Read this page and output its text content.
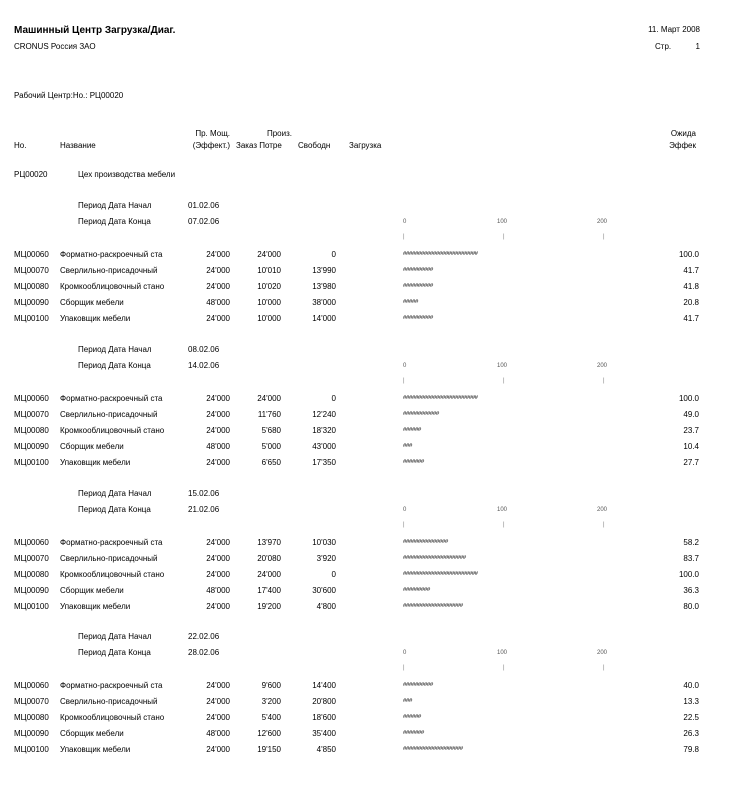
Машинный Центр Загрузка/Диаг.
CRONUS Россия ЗАО
11. Март 2008
Стр.	1
Рабочий Центр:Но.: РЦ00020
Но.	Название
Пр. Мощ.
(Эффект.)
Произ.
Заказ Потре Свободн Загрузка
Ожида
Эффек
РЦ00020	Цех производства мебели
Период Дата Начал	01.02.06
Период Дата Конца	07.02.06	0
|
100
|
200
|
МЦ00060 Форматно-раскроечный ста	24'000	24'000	0	#########################	100.0
МЦ00070 Сверлильно-присадочный	24'000	10'010	13'990	##########	41.7
МЦ00080 Кромкооблицовочный стано	24'000	10'020	13'980	##########	41.8
МЦ00090 Сборщик мебели	48'000	10'000	38'000	#####	20.8
МЦ00100 Упаковщик мебели	24'000	10'000	14'000	##########	41.7
Период Дата Начал	08.02.06
Период Дата Конца	14.02.06	0
|
100
|
200
|
МЦ00060 Форматно-раскроечный ста	24'000	24'000	0	#########################	100.0
МЦ00070 Сверлильно-присадочный	24'000	11'760	12'240	############	49.0
МЦ00080 Кромкооблицовочный стано	24'000	5'680	18'320	######	23.7
МЦ00090 Сборщик мебели	48'000	5'000	43'000	###	10.4
МЦ00100 Упаковщик мебели	24'000	6'650	17'350	#######	27.7
Период Дата Начал	15.02.06
Период Дата Конца	21.02.06	0
|
100
|
200
|
МЦ00060 Форматно-раскроечный ста	24'000	13'970	10'030	###############	58.2
МЦ00070 Сверлильно-присадочный	24'000	20'080	3'920	#####################	83.7
МЦ00080 Кромкооблицовочный стано	24'000	24'000	0	#########################	100.0
МЦ00090 Сборщик мебели	48'000	17'400	30'600	#########	36.3
МЦ00100 Упаковщик мебели	24'000	19'200	4'800	####################	80.0
Период Дата Начал	22.02.06
Период Дата Конца	28.02.06	0
|
100
|
200
|
МЦ00060 Форматно-раскроечный ста	24'000	9'600	14'400	##########	40.0
МЦ00070 Сверлильно-присадочный	24'000	3'200	20'800	###	13.3
МЦ00080 Кромкооблицовочный стано	24'000	5'400	18'600	######	22.5
МЦ00090 Сборщик мебели	48'000	12'600	35'400	#######	26.3
МЦ00100 Упаковщик мебели	24'000	19'150	4'850	####################	79.8
